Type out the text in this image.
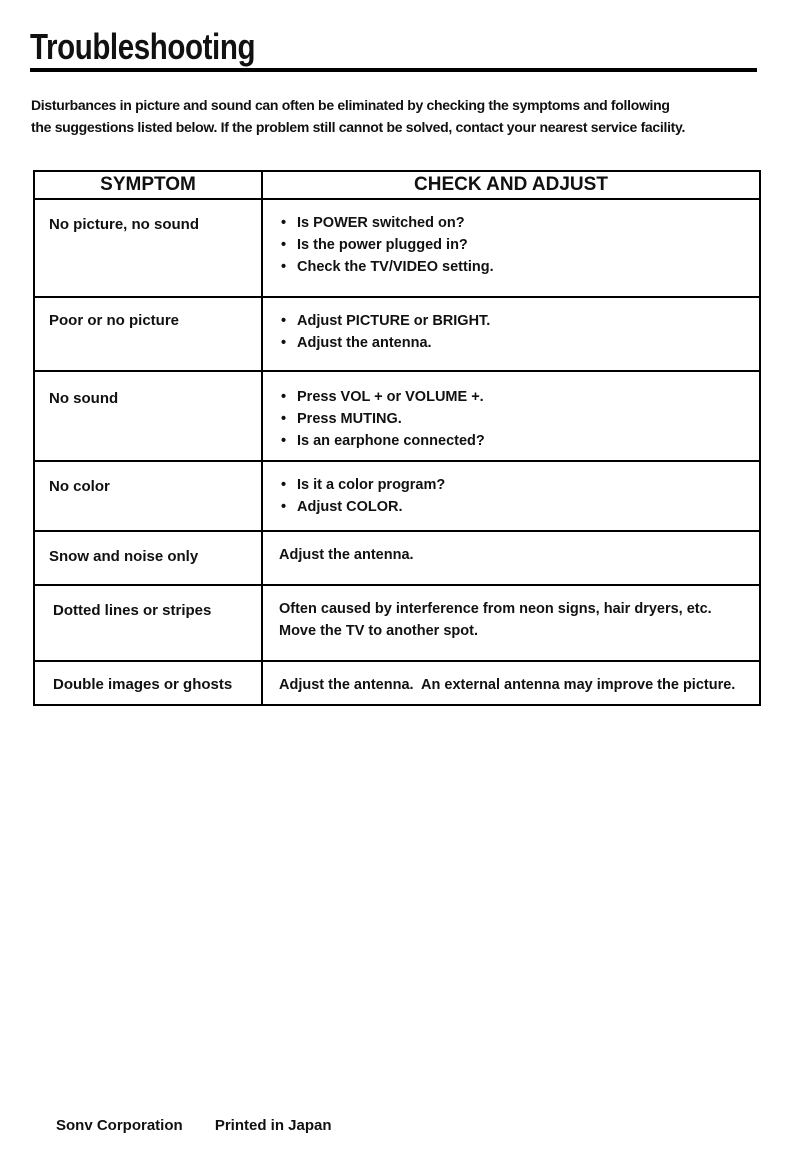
Troubleshooting

Disturbances in picture and sound can often be eliminated by checking the symptoms and following

the suggestions listed below. If the problem still cannot be solved, contact your nearest service facility.

SYMPTOM	CHECK AND ADJUST
No picture, no sound	• Is POWER switched on?
• Is the power plugged in?
• Check the TV/VIDEO setting.
Poor or no picture	• Adjust PICTURE or BRIGHT.
• Adjust the antenna.
No sound	• Press VOL + or VOLUME +.
• Press MUTING.
• Is an earphone connected?
No color	• Is it a color program?
• Adjust COLOR.
Snow and noise only	Adjust the antenna.

Dotted lines or stripes	Often caused by interference from neon signs, hair dryers, etc.

Move the TV to another spot.

Double images or ghosts	Adjust the antenna.  An external antenna may improve the picture.

Sonv Corporation Printed in Japan
